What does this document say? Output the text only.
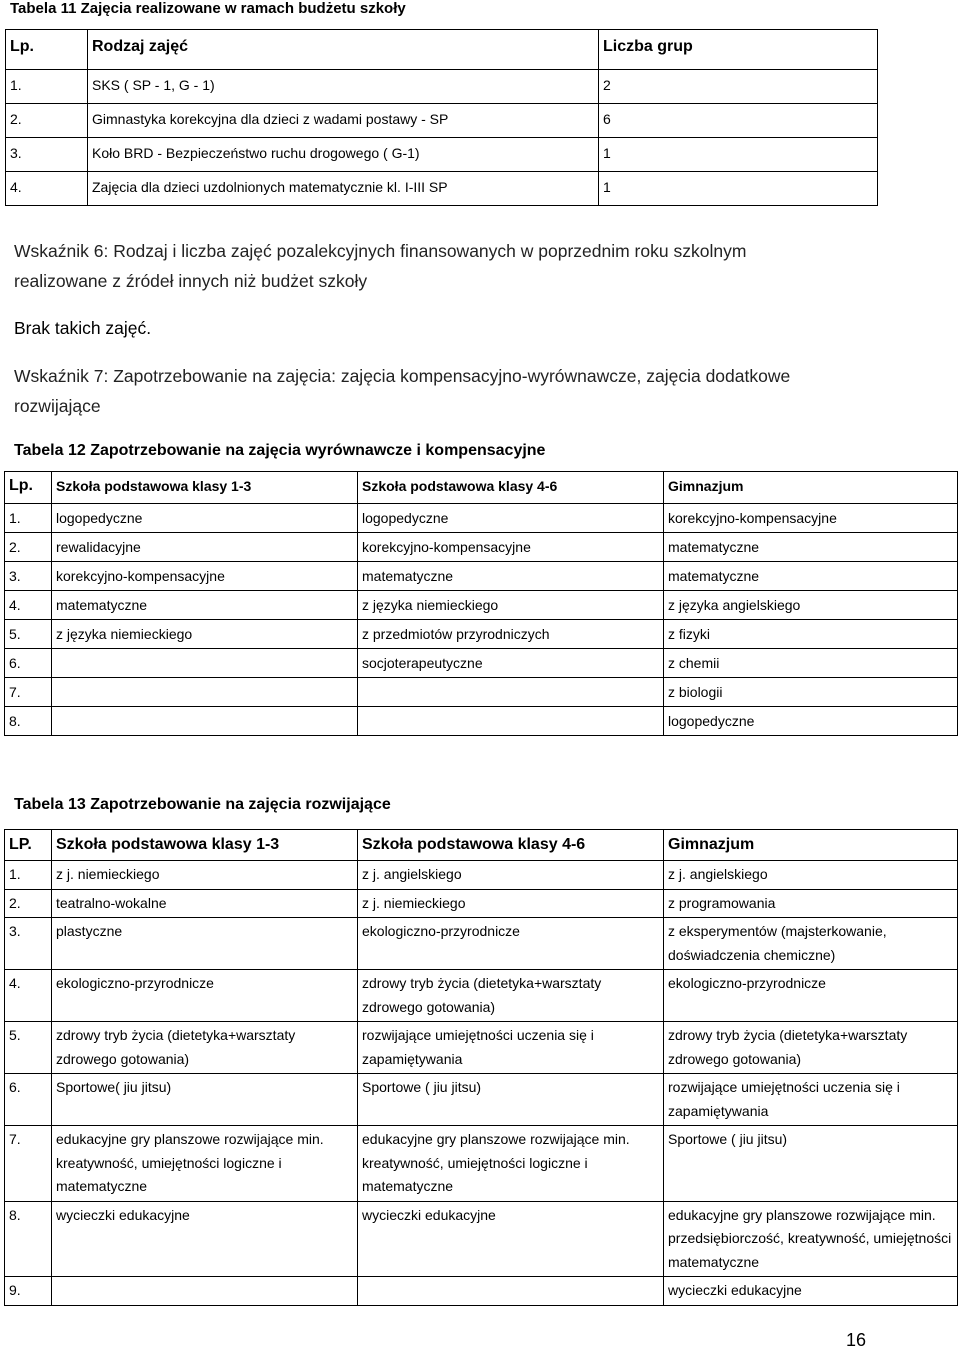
Tabela 11 Zajęcia realizowane w ramach budżetu szkoły
Lp.	Rodzaj zajęć	Liczba grup
1.	SKS ( SP - 1, G - 1)	2
2.	Gimnastyka korekcyjna dla dzieci z wadami postawy - SP	6
3.	Koło BRD - Bezpieczeństwo ruchu drogowego ( G-1)	1
4.	Zajęcia dla dzieci uzdolnionych matematycznie kl. I-III SP	1
Wskaźnik 6: Rodzaj i liczba zajęć pozalekcyjnych finansowanych w poprzednim roku szkolnym
realizowane z źródeł innych niż budżet szkoły
Brak takich zajęć.
Wskaźnik 7: Zapotrzebowanie na zajęcia: zajęcia kompensacyjno-wyrównawcze, zajęcia dodatkowe
rozwijające
Tabela 12 Zapotrzebowanie na zajęcia wyrównawcze i kompensacyjne
Lp.	Szkoła podstawowa klasy 1-3	Szkoła podstawowa klasy 4-6	Gimnazjum
1.	logopedyczne	logopedyczne	korekcyjno-kompensacyjne
2.	rewalidacyjne	korekcyjno-kompensacyjne	matematyczne
3.	korekcyjno-kompensacyjne	matematyczne	matematyczne
4.	matematyczne	z języka niemieckiego	z języka angielskiego
5.	z języka niemieckiego	z przedmiotów przyrodniczych	z fizyki
6.		socjoterapeutyczne	z chemii
7.			z biologii
8.			logopedyczne
Tabela 13 Zapotrzebowanie na zajęcia rozwijające
LP.	Szkoła podstawowa klasy 1-3	Szkoła podstawowa klasy 4-6	Gimnazjum
1.	z j. niemieckiego	z j. angielskiego	z j. angielskiego
2.	teatralno-wokalne	z j. niemieckiego	z programowania
3.	plastyczne	ekologiczno-przyrodnicze	z eksperymentów (majsterkowanie, doświadczenia chemiczne)
4.	ekologiczno-przyrodnicze	zdrowy tryb życia (dietetyka+warsztaty zdrowego gotowania)	ekologiczno-przyrodnicze
5.	zdrowy tryb życia (dietetyka+warsztaty zdrowego gotowania)	rozwijające umiejętności uczenia się i zapamiętywania	zdrowy tryb życia (dietetyka+warsztaty zdrowego gotowania)
6.	Sportowe( jiu jitsu)	Sportowe ( jiu jitsu)	rozwijające umiejętności uczenia się i zapamiętywania
7.	edukacyjne gry planszowe rozwijające min. kreatywność, umiejętności logiczne i matematyczne	edukacyjne gry planszowe rozwijające min. kreatywność, umiejętności logiczne i matematyczne	Sportowe ( jiu jitsu)
8.	wycieczki edukacyjne	wycieczki edukacyjne	edukacyjne gry planszowe rozwijające min. przedsiębiorczość, kreatywność, umiejętności matematyczne
9.			wycieczki edukacyjne
16
